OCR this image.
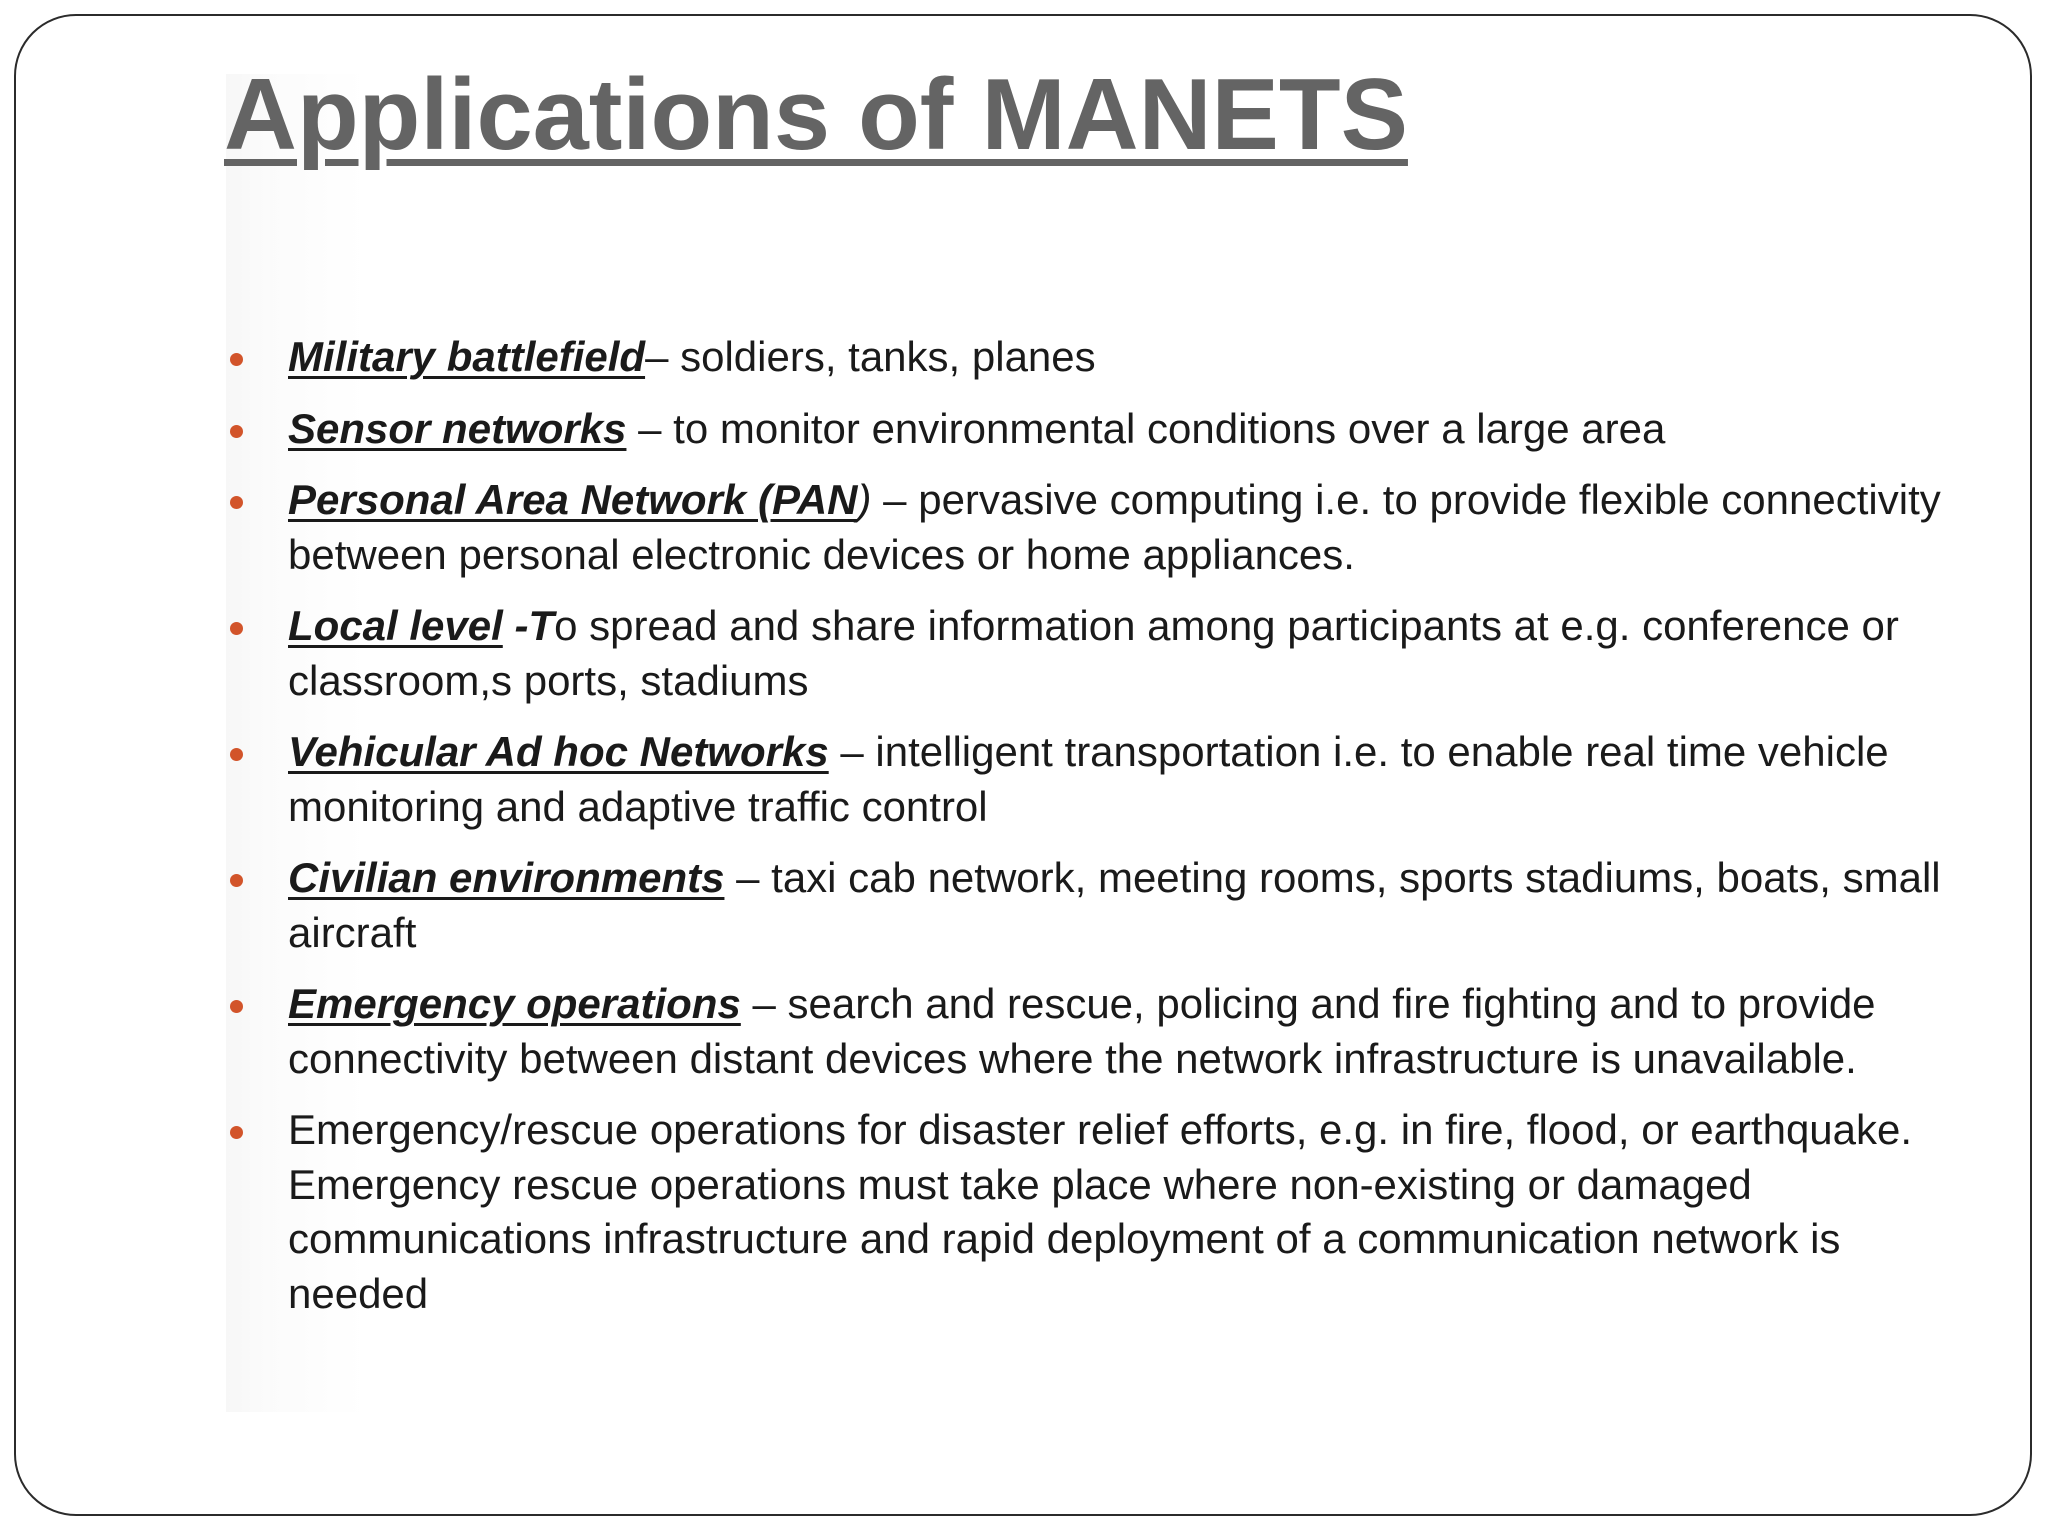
Applications of MANETS
Military battlefield– soldiers, tanks, planes
Sensor networks – to monitor environmental conditions over a large area
Personal Area Network (PAN) – pervasive computing i.e. to provide flexible connectivity between personal electronic devices or home appliances.
Local level -To spread and share information among participants at e.g. conference or classroom,s ports, stadiums
Vehicular Ad hoc Networks – intelligent transportation i.e. to enable real time vehicle monitoring and adaptive traffic control
Civilian environments – taxi cab network, meeting rooms, sports stadiums, boats, small aircraft
Emergency operations – search and rescue, policing and fire fighting and to provide connectivity between distant devices where the network infrastructure is unavailable.
Emergency/rescue operations for disaster relief efforts, e.g. in fire, flood, or earthquake. Emergency rescue operations must take place where non-existing or damaged communications infrastructure and rapid deployment of a communication network is needed
